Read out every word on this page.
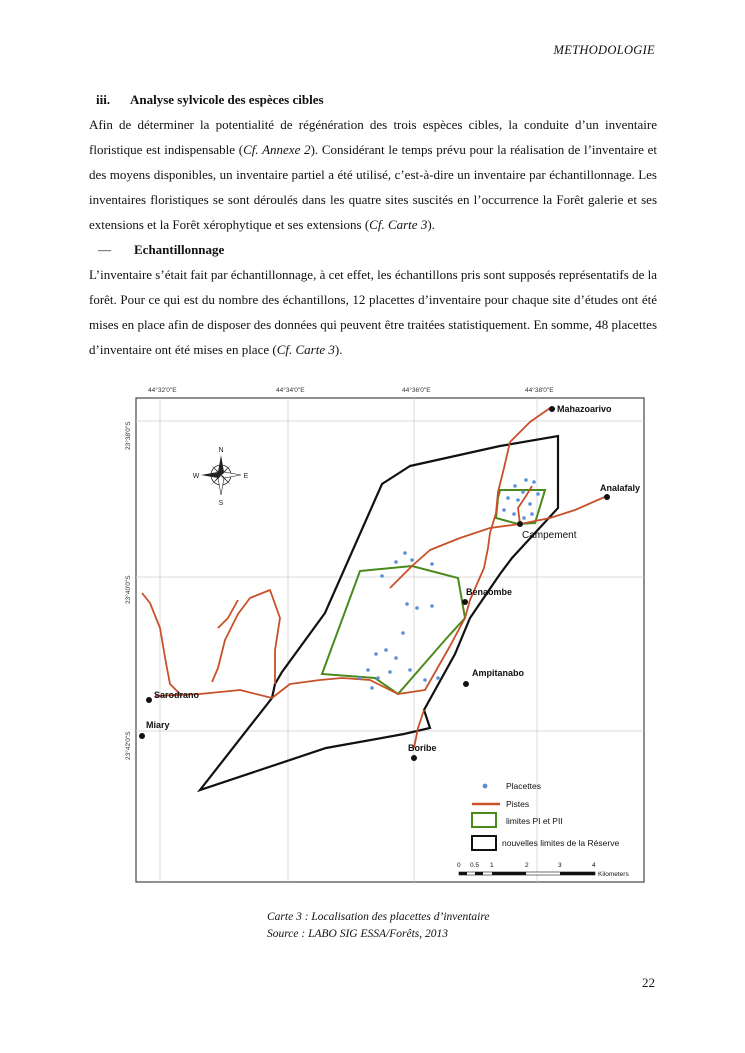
METHODOLOGIE

iii. Analyse sylvicole des espèces cibles

Afin de déterminer la potentialité de régénération des trois espèces cibles, la conduite d’un inventaire floristique est indispensable (Cf. Annexe 2). Considérant le temps prévu pour la réalisation de l’inventaire et des moyens disponibles, un inventaire partiel a été utilisé, c’est-à-dire un inventaire par échantillonnage. Les inventaires floristiques se sont déroulés dans les quatre sites suscités en l’occurrence la Forêt galerie et ses extensions et la Forêt xérophytique et ses extensions (Cf. Carte 3).

— Echantillonnage

L’inventaire s’était fait par échantillonnage, à cet effet, les échantillons pris sont supposés représentatifs de la forêt. Pour ce qui est du nombre des échantillons, 12 placettes d’inventaire pour chaque site d’études ont été mises en place afin de disposer des données qui peuvent être traitées statistiquement. En somme, 48 placettes d’inventaire ont été mises en place (Cf. Carte 3).

44°32'0"E	44°34'0"E	44°36'0"E	44°38'0"E
23°38'0"S
23°40'0"S
23°42'0"S
Mahazoarivo
Analafaly
Campement
Benaombe
Ampitanabo
Sarodrano
Miary
Boribe
N
S
E
W
Placettes
Pistes
limites PI et PII
nouvelles limites de la Réserve
0 0.5 1	2	3	4
Kilometers
Carte 3 : Localisation des placettes d’inventaire
Source : LABO SIG ESSA/Forêts, 2013
22
